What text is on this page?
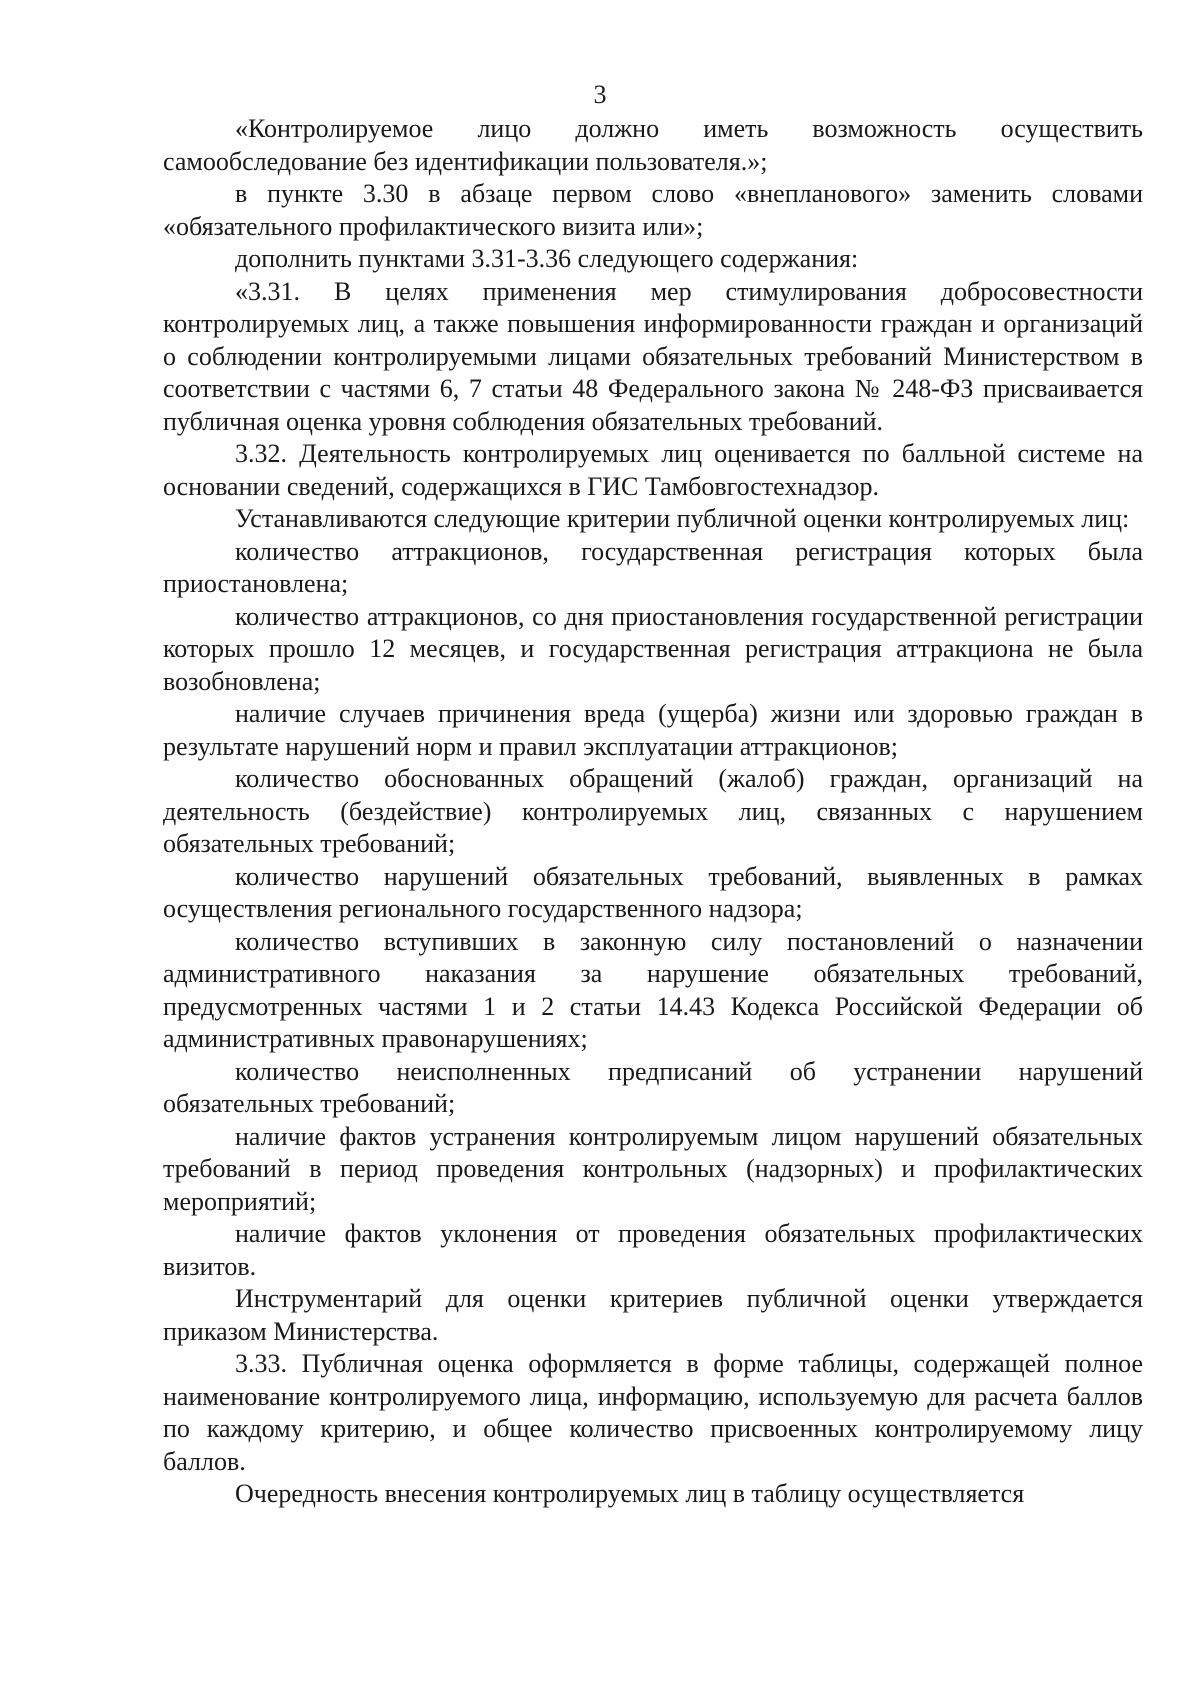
3

«Контролируемое лицо должно иметь возможность осуществить самообследование без идентификации пользователя.»;

в пункте 3.30 в абзаце первом слово «внепланового» заменить словами «обязательного профилактического визита или»;

дополнить пунктами 3.31-3.36 следующего содержания:

«3.31. В целях применения мер стимулирования добросовестности контролируемых лиц, а также повышения информированности граждан и организаций о соблюдении контролируемыми лицами обязательных требований Министерством в соответствии с частями 6, 7 статьи 48 Федерального закона № 248-ФЗ присваивается публичная оценка уровня соблюдения обязательных требований.

3.32. Деятельность контролируемых лиц оценивается по балльной системе на основании сведений, содержащихся в ГИС Тамбовгостехнадзор.

Устанавливаются следующие критерии публичной оценки контролируемых лиц:

количество аттракционов, государственная регистрация которых была приостановлена;

количество аттракционов, со дня приостановления государственной регистрации которых прошло 12 месяцев, и государственная регистрация аттракциона не была возобновлена;

наличие случаев причинения вреда (ущерба) жизни или здоровью граждан в результате нарушений норм и правил эксплуатации аттракционов;

количество обоснованных обращений (жалоб) граждан, организаций на деятельность (бездействие) контролируемых лиц, связанных с нарушением обязательных требований;

количество нарушений обязательных требований, выявленных в рамках осуществления регионального государственного надзора;

количество вступивших в законную силу постановлений о назначении административного наказания за нарушение обязательных требований, предусмотренных частями 1 и 2 статьи 14.43 Кодекса Российской Федерации об административных правонарушениях;

количество неисполненных предписаний об устранении нарушений обязательных требований;

наличие фактов устранения контролируемым лицом нарушений обязательных требований в период проведения контрольных (надзорных) и профилактических мероприятий;

наличие фактов уклонения от проведения обязательных профилактических визитов.

Инструментарий для оценки критериев публичной оценки утверждается приказом Министерства.

3.33. Публичная оценка оформляется в форме таблицы, содержащей полное наименование контролируемого лица, информацию, используемую для расчета баллов по каждому критерию, и общее количество присвоенных контролируемому лицу баллов.

Очередность внесения контролируемых лиц в таблицу осуществляется
